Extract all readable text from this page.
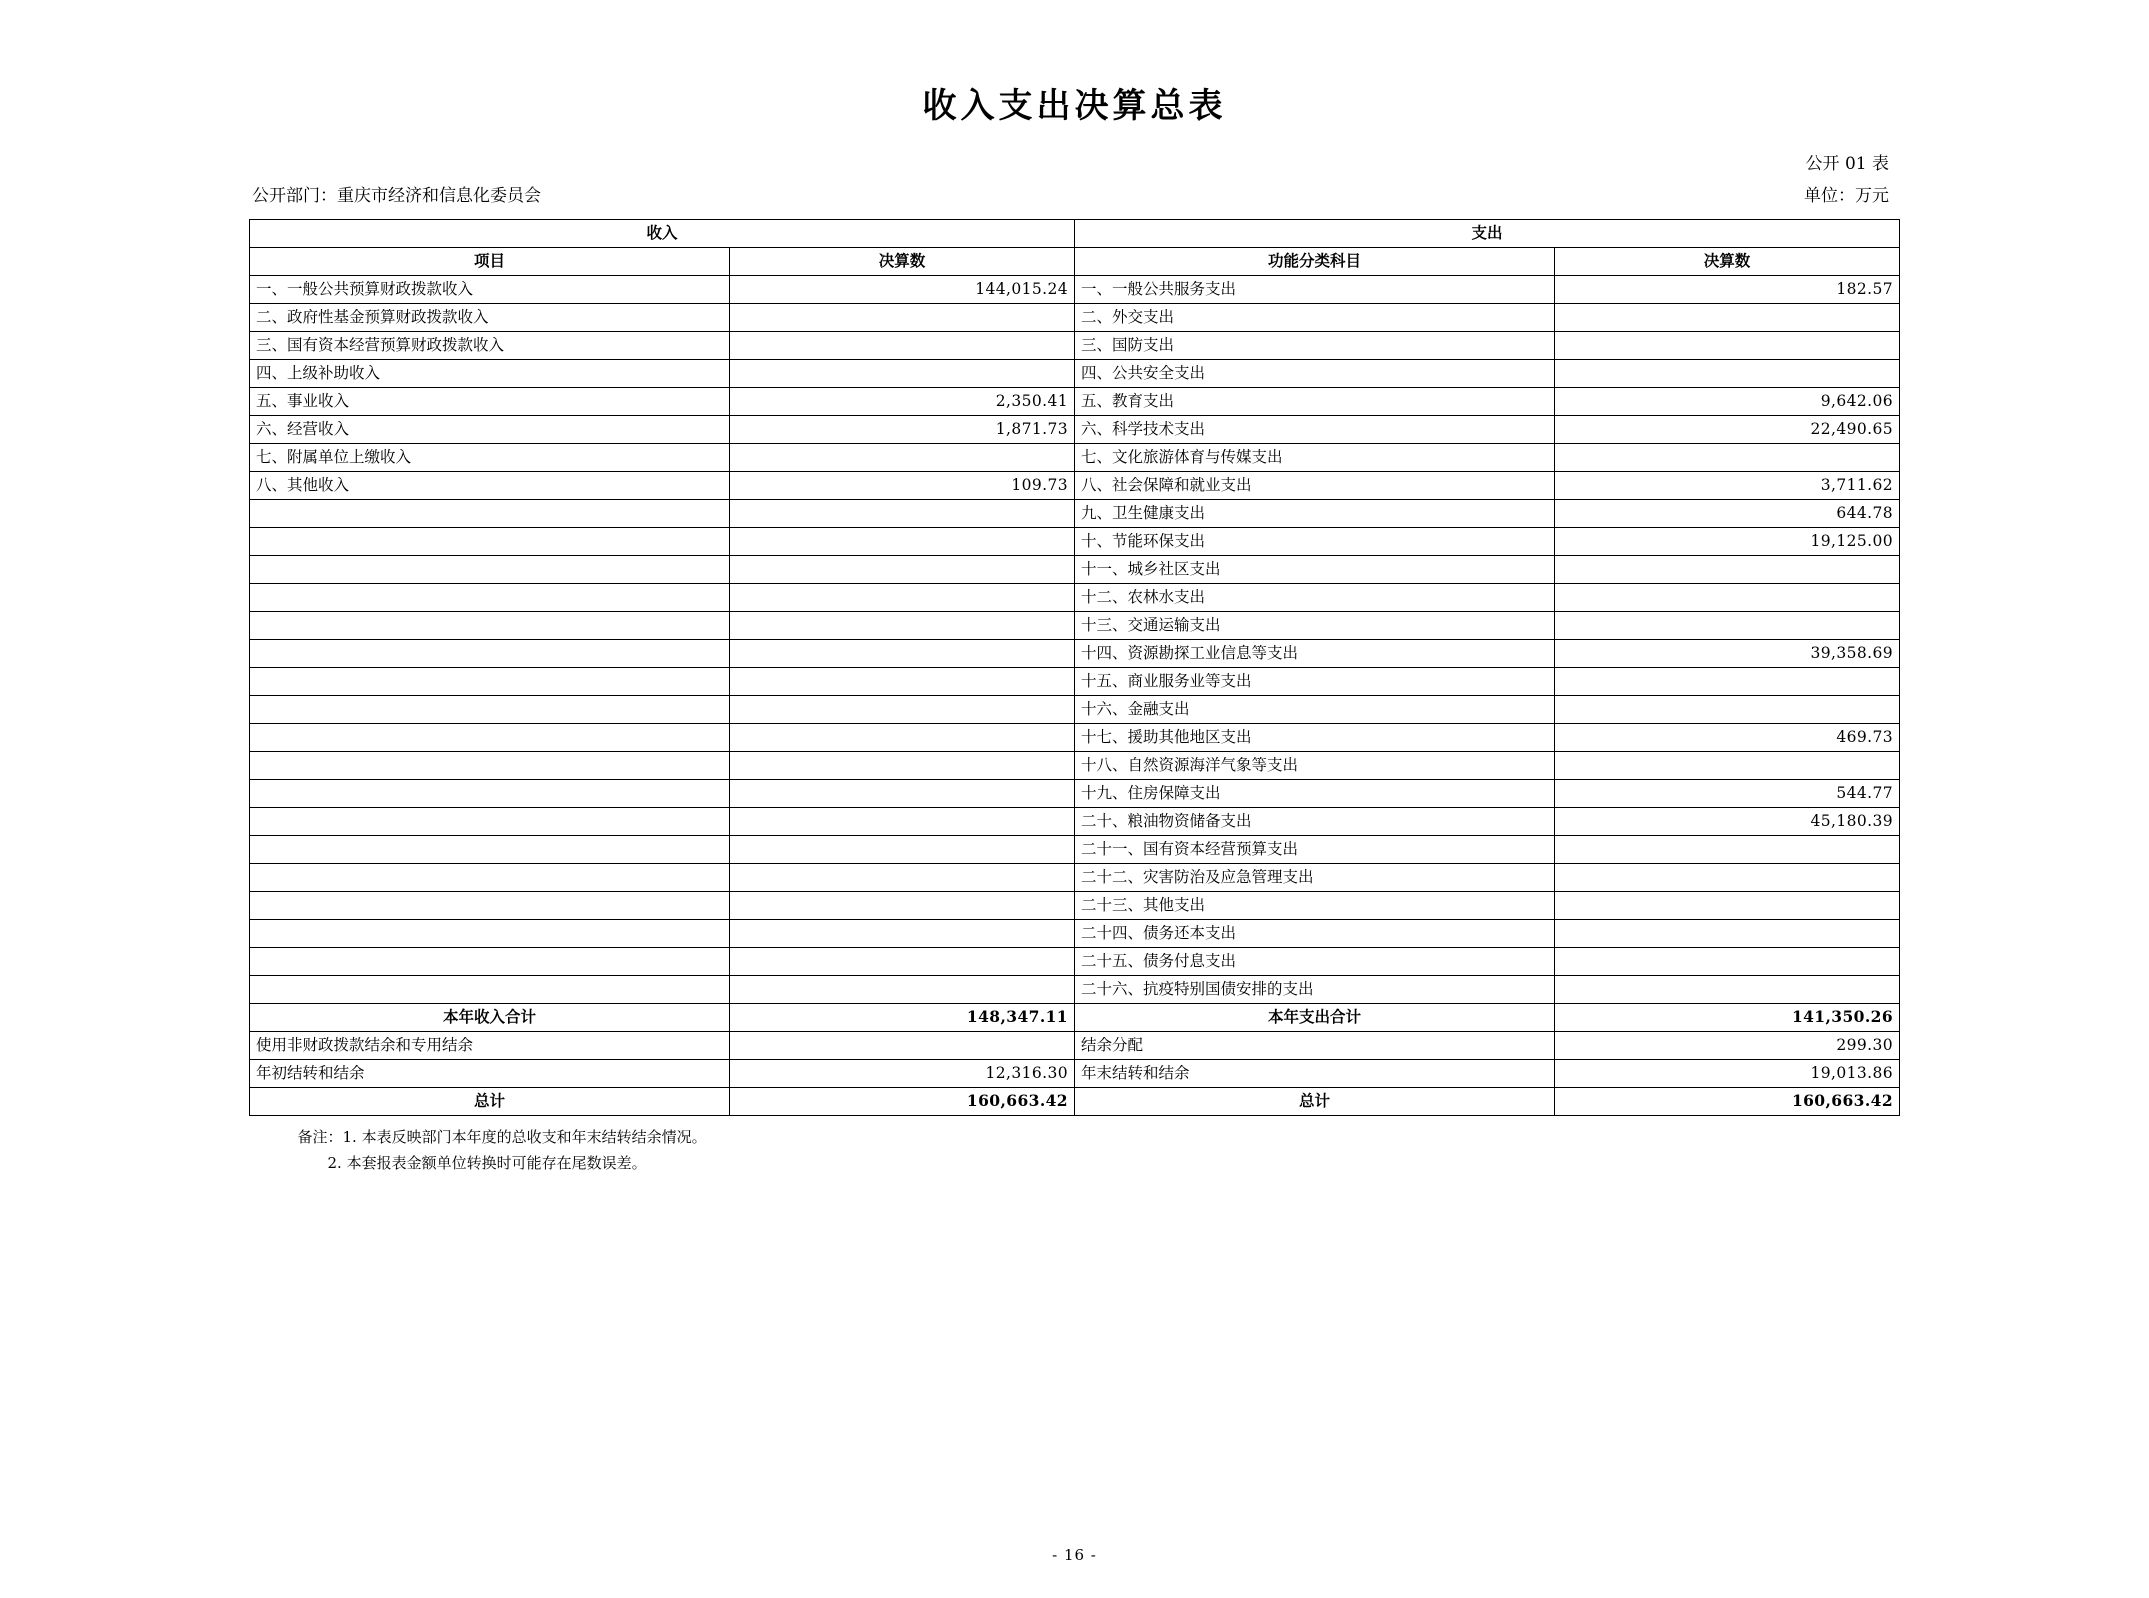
收入支出决算总表
公开 01 表
公开部门：重庆市经济和信息化委员会	单位：万元
收入		支出	
项目	决算数	功能分类科目	决算数
一、一般公共预算财政拨款收入	144,015.24	一、一般公共服务支出	182.57
二、政府性基金预算财政拨款收入		二、外交支出	
三、国有资本经营预算财政拨款收入		三、国防支出	
四、上级补助收入		四、公共安全支出	
五、事业收入	2,350.41	五、教育支出	9,642.06
六、经营收入	1,871.73	六、科学技术支出	22,490.65
七、附属单位上缴收入		七、文化旅游体育与传媒支出	
八、其他收入	109.73	八、社会保障和就业支出	3,711.62
		九、卫生健康支出	644.78
		十、节能环保支出	19,125.00
		十一、城乡社区支出	
		十二、农林水支出	
		十三、交通运输支出	
		十四、资源勘探工业信息等支出	39,358.69
		十五、商业服务业等支出	
		十六、金融支出	
		十七、援助其他地区支出	469.73
		十八、自然资源海洋气象等支出	
		十九、住房保障支出	544.77
		二十、粮油物资储备支出	45,180.39
		二十一、国有资本经营预算支出	
		二十二、灾害防治及应急管理支出	
		二十三、其他支出	
		二十四、债务还本支出	
		二十五、债务付息支出	
		二十六、抗疫特别国债安排的支出	
本年收入合计	148,347.11	本年支出合计	141,350.26
使用非财政拨款结余和专用结余		结余分配	299.30
年初结转和结余	12,316.30	年末结转和结余	19,013.86
总计	160,663.42	总计	160,663.42
备注：1. 本表反映部门本年度的总收支和年末结转结余情况。
2. 本套报表金额单位转换时可能存在尾数误差。
- 16 -
